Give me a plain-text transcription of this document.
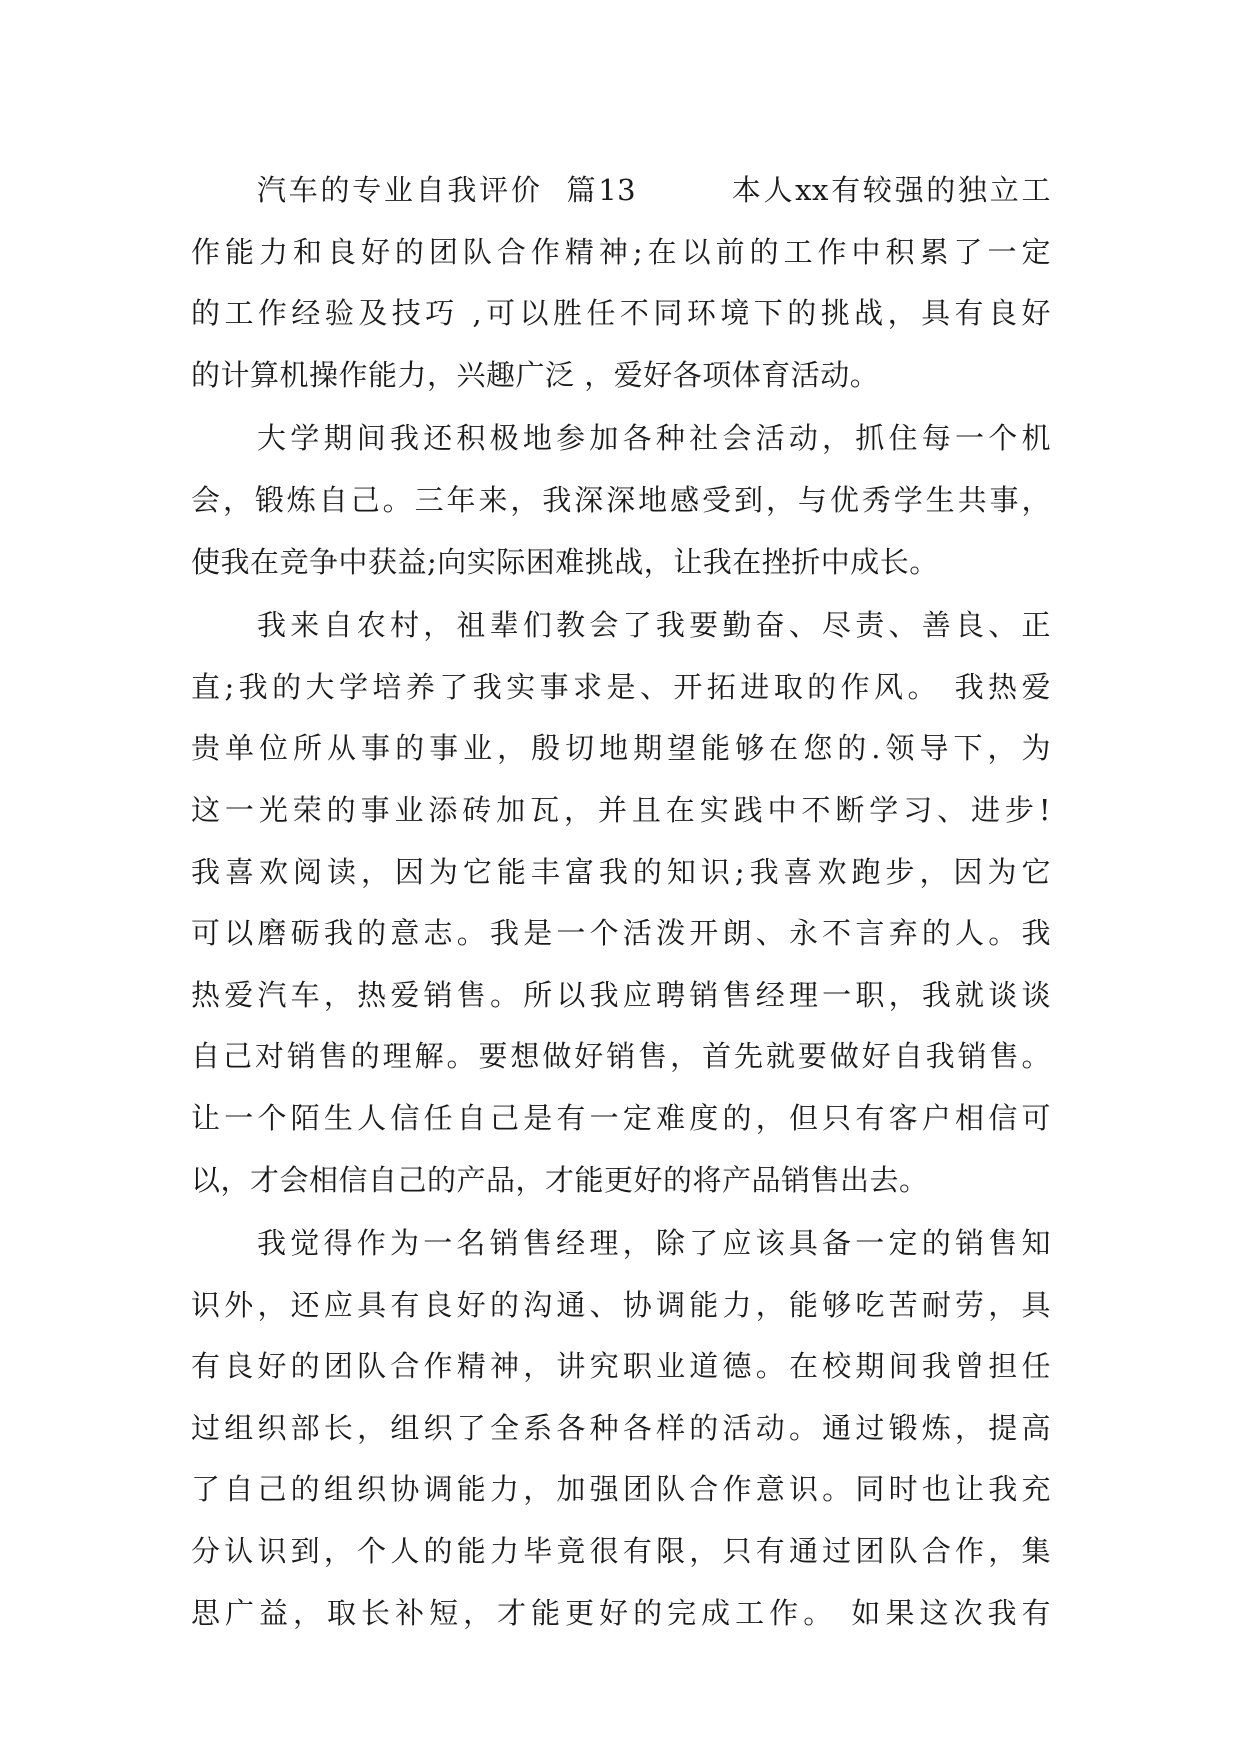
汽车的专业自我评价  篇13        本人xx有较强的独立工
作能力和良好的团队合作精神;在以前的工作中积累了一定
的工作经验及技巧 ,可以胜任不同环境下的挑战，具有良好
的计算机操作能力，兴趣广泛 ，爱好各项体育活动。
大学期间我还积极地参加各种社会活动，抓住每一个机
会，锻炼自己。三年来，我深深地感受到，与优秀学生共事，
使我在竞争中获益;向实际困难挑战，让我在挫折中成长。
我来自农村，祖辈们教会了我要勤奋、尽责、善良、正
直;我的大学培养了我实事求是、开拓进取的作风。 我热爱
贵单位所从事的事业，殷切地期望能够在您的.领导下，为
这一光荣的事业添砖加瓦，并且在实践中不断学习、进步!
我喜欢阅读，因为它能丰富我的知识;我喜欢跑步，因为它
可以磨砺我的意志。我是一个活泼开朗、永不言弃的人。我
热爱汽车，热爱销售。所以我应聘销售经理一职，我就谈谈
自己对销售的理解。要想做好销售，首先就要做好自我销售。
让一个陌生人信任自己是有一定难度的，但只有客户相信可
以，才会相信自己的产品，才能更好的将产品销售出去。
我觉得作为一名销售经理，除了应该具备一定的销售知
识外，还应具有良好的沟通、协调能力，能够吃苦耐劳，具
有良好的团队合作精神，讲究职业道德。在校期间我曾担任
过组织部长，组织了全系各种各样的活动。通过锻炼，提高
了自己的组织协调能力，加强团队合作意识。同时也让我充
分认识到，个人的能力毕竟很有限，只有通过团队合作，集
思广益，取长补短，才能更好的完成工作。 如果这次我有
